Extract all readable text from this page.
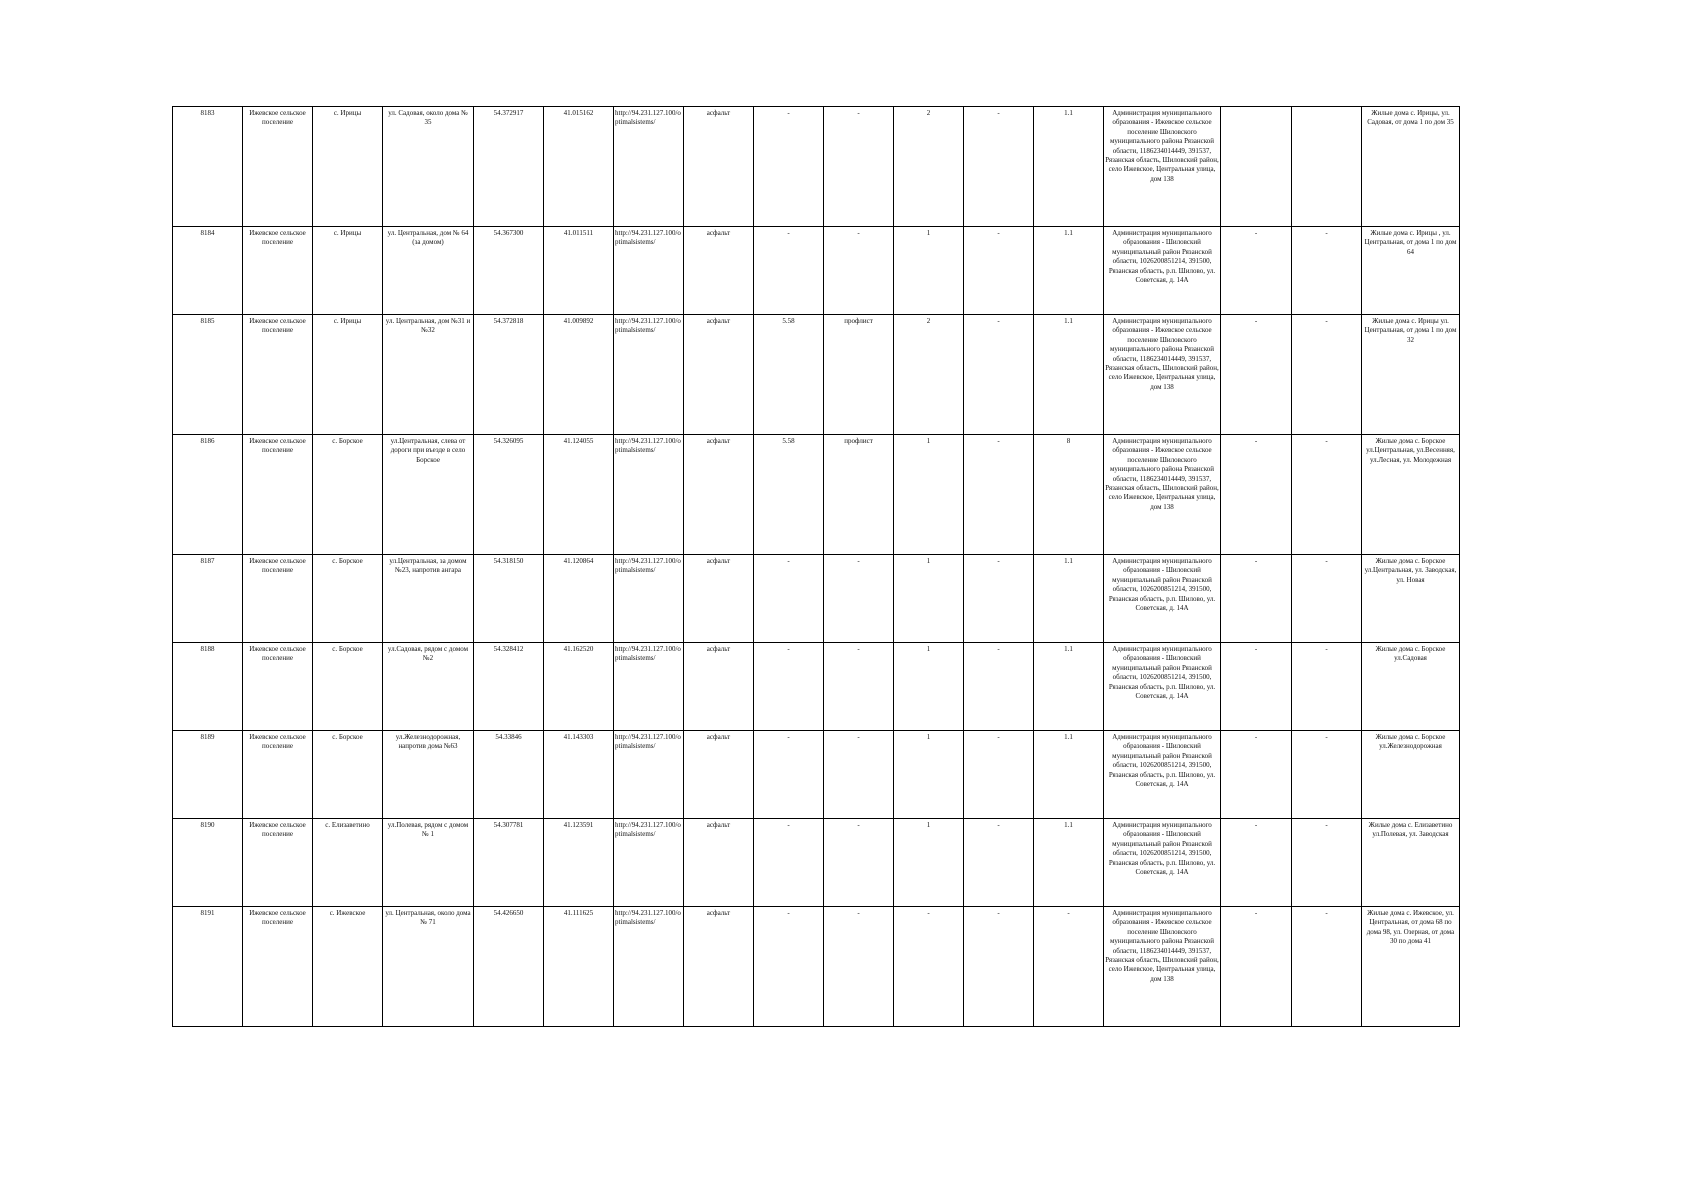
8183	Ижевское сельское поселение	с. Ирицы	ул. Садовая, около дома № 35	54.372917	41.015162	http://94.231.127.100/optimalsistems/	асфальт	-	-	2	-	1.1	Администрация муниципального образования - Ижевское сельское поселение Шиловского муниципального района Рязанской области, 1186234014449, 391537, Рязанская область, Шиловский район, село Ижевское, Центральная улица, дом 138			Жилые дома с. Ирицы, ул. Садовая, от дома 1 по дом 35
8184	Ижевское сельское поселение	с. Ирицы	ул. Центральная, дом № 64 (за домом)	54.367300	41.011511	http://94.231.127.100/optimalsistems/	асфальт	-	-	1	-	1.1	Администрация муниципального образования - Шиловский муниципальный район Рязанской области, 1026200851214, 391500, Рязанская область, р.п. Шилово, ул. Советская, д. 14А	-	-	Жилые дома с. Ирицы , ул. Центральная, от дома 1 по дом 64
8185	Ижевское сельское поселение	с. Ирицы	ул. Центральная, дом №31 и №32	54.372818	41.009892	http://94.231.127.100/optimalsistems/	асфальт	5.58	профлист	2	-	1.1	Администрация муниципального образования - Ижевское сельское поселение Шиловского муниципального района Рязанской области, 1186234014449, 391537, Рязанская область, Шиловский район, село Ижевское, Центральная улица, дом 138	-	-	Жилые дома с. Ирицы ул. Центральная, от дома 1 по дом 32
8186	Ижевское сельское поселение	с. Борское	ул.Центральная, слева от дороги при въезде в село Борское	54.326095	41.124055	http://94.231.127.100/optimalsistems/	асфальт	5.58	профлист	1	-	8	Администрация муниципального образования - Ижевское сельское поселение Шиловского муниципального района Рязанской области, 1186234014449, 391537, Рязанская область, Шиловский район, село Ижевское, Центральная улица, дом 138	-	-	Жилые дома с. Борское ул.Центральная, ул.Весенняя, ул.Лесная, ул. Молодежная
8187	Ижевское сельское поселение	с. Борское	ул.Центральная, за домом №23, напротив ангара	54.318150	41.120864	http://94.231.127.100/optimalsistems/	асфальт	-	-	1	-	1.1	Администрация муниципального образования - Шиловский муниципальный район Рязанской области, 1026200851214, 391500, Рязанская область, р.п. Шилово, ул. Советская, д. 14А	-	-	Жилые дома с. Борское ул.Центральная, ул. Заводская, ул. Новая
8188	Ижевское сельское поселение	с. Борское	ул.Садовая, рядом с домом №2	54.328412	41.162520	http://94.231.127.100/optimalsistems/	асфальт	-	-	1	-	1.1	Администрация муниципального образования - Шиловский муниципальный район Рязанской области, 1026200851214, 391500, Рязанская область, р.п. Шилово, ул. Советская, д. 14А	-	-	Жилые дома с. Борское ул.Садовая
8189	Ижевское сельское поселение	с. Борское	ул.Железнодорожная, напротив дома №63	54.33846	41.143303	http://94.231.127.100/optimalsistems/	асфальт	-	-	1	-	1.1	Администрация муниципального образования - Шиловский муниципальный район Рязанской области, 1026200851214, 391500, Рязанская область, р.п. Шилово, ул. Советская, д. 14А	-	-	Жилые дома с. Борское ул.Железнодорожная
8190	Ижевское сельское поселение	с. Елизаветино	ул.Полевая, рядом с домом № 1	54.307781	41.123591	http://94.231.127.100/optimalsistems/	асфальт	-	-	1	-	1.1	Администрация муниципального образования - Шиловский муниципальный район Рязанской области, 1026200851214, 391500, Рязанская область, р.п. Шилово, ул. Советская, д. 14А	-	-	Жилые дома с. Елизаветино ул.Полевая, ул. Заводская
8191	Ижевское сельское поселение	с. Ижевское	ул. Центральная, около дома № 71	54.426650	41.111625	http://94.231.127.100/optimalsistems/	асфальт	-	-	-	-	-	Администрация муниципального образования - Ижевское сельское поселение Шиловского муниципального района Рязанской области, 1186234014449, 391537, Рязанская область, Шиловский район, село Ижевское, Центральная улица, дом 138	-	-	Жилые дома с. Ижевское, ул. Центральная, от дома 68 по дома 98, ул. Озерная, от дома 30 по дома 41
